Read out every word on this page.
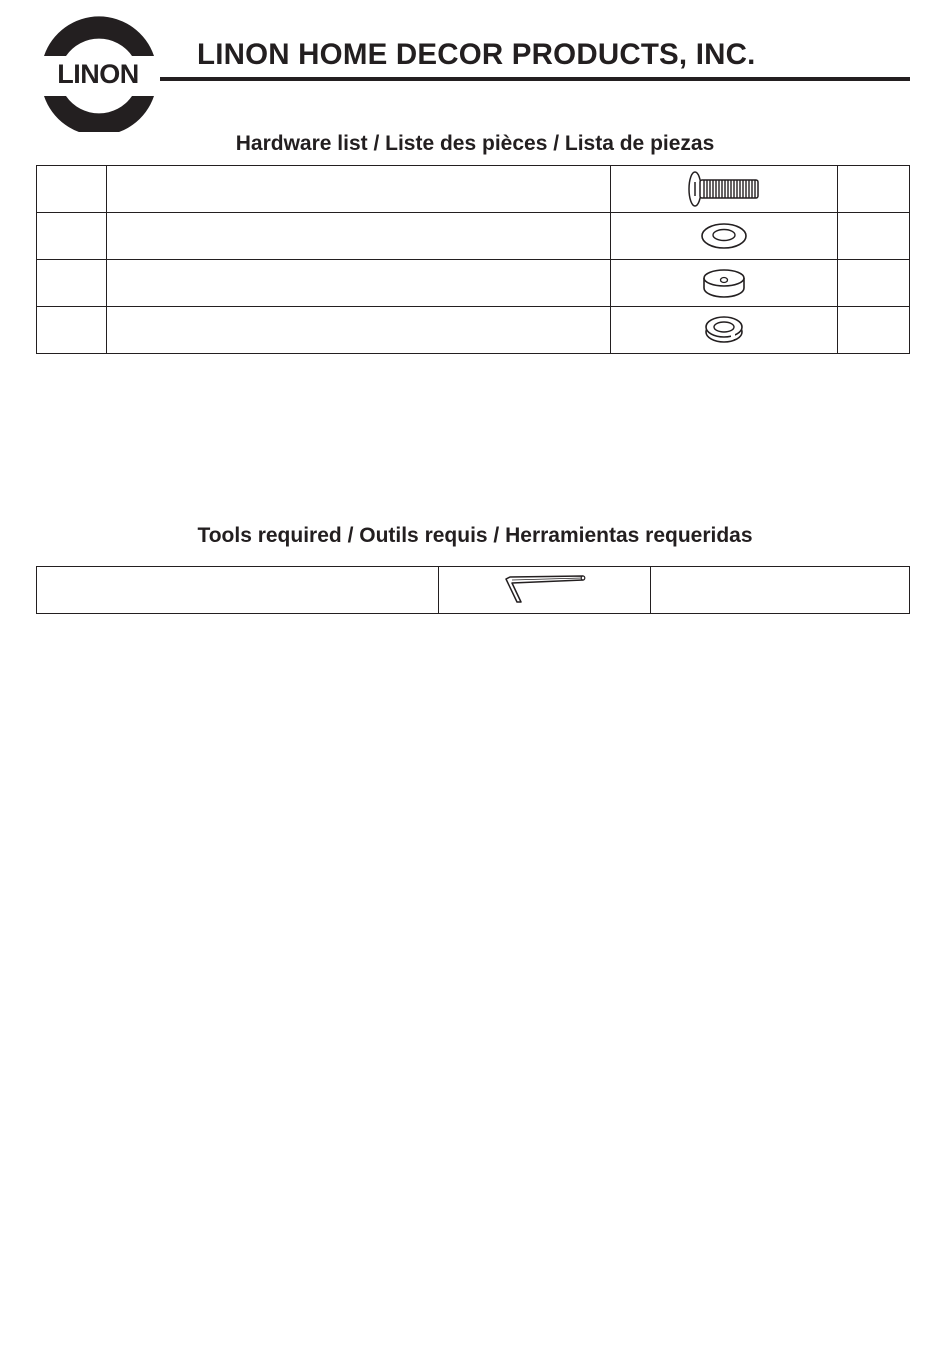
LINON
LINON HOME DECOR PRODUCTS, INC.
Hardware list / Liste des pièces / Lista de piezas

Tools required / Outils requis / Herramientas requeridas
